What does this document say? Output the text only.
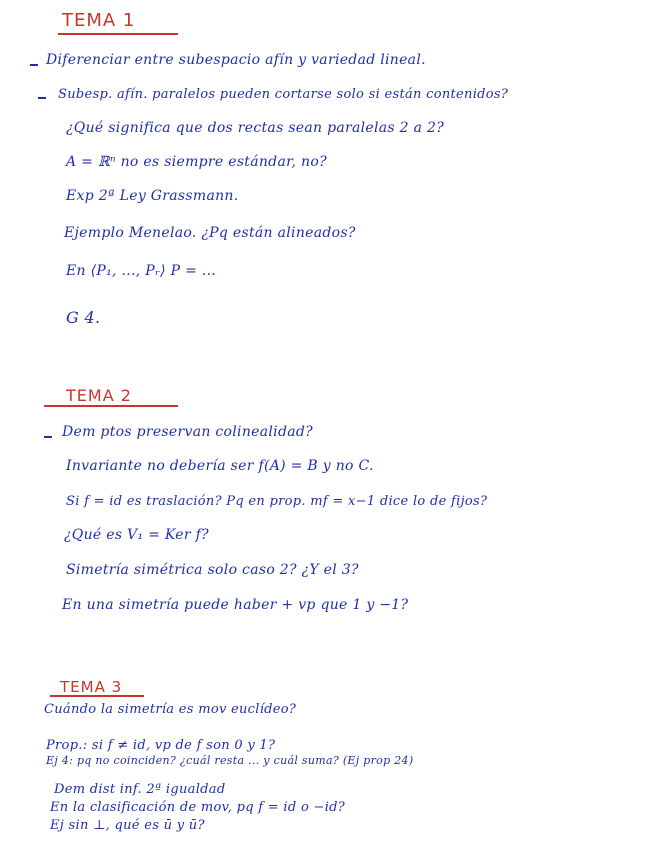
TEMA 1
Diferenciar entre subespacio afín y variedad lineal.
Subesp. afín. paralelos pueden cortarse solo si están contenidos?
¿Qué significa que dos rectas sean paralelas 2 a 2?
A = ℝⁿ no es siempre estándar, no?
Exp 2ª Ley Grassmann.
Ejemplo Menelao. ¿Pq están alineados?
En ⟨P₁, ..., Pᵣ⟩ P = ...
G 4.
TEMA 2
Dem ptos preservan colinealidad?
Invariante no debería ser f(A) = B y no C.
Si f = id es traslación? Pq en prop. mf = x−1 dice lo de fijos?
¿Qué es V₁ = Ker f?
Simetría simétrica solo caso 2? ¿Y el 3?
En una simetría puede haber + vp que 1 y −1?
TEMA 3
Cuándo la simetría es mov euclídeo?
Prop.: si f ≠ id, vp de f son 0 y 1?
Ej 4: pq no coinciden? ¿cuál resta ... y cuál suma? (Ej prop 24)
Dem dist inf. 2ª igualdad
En la clasificación de mov, pq f = id o −id?
Ej sin ⊥, qué es ū y ū?
